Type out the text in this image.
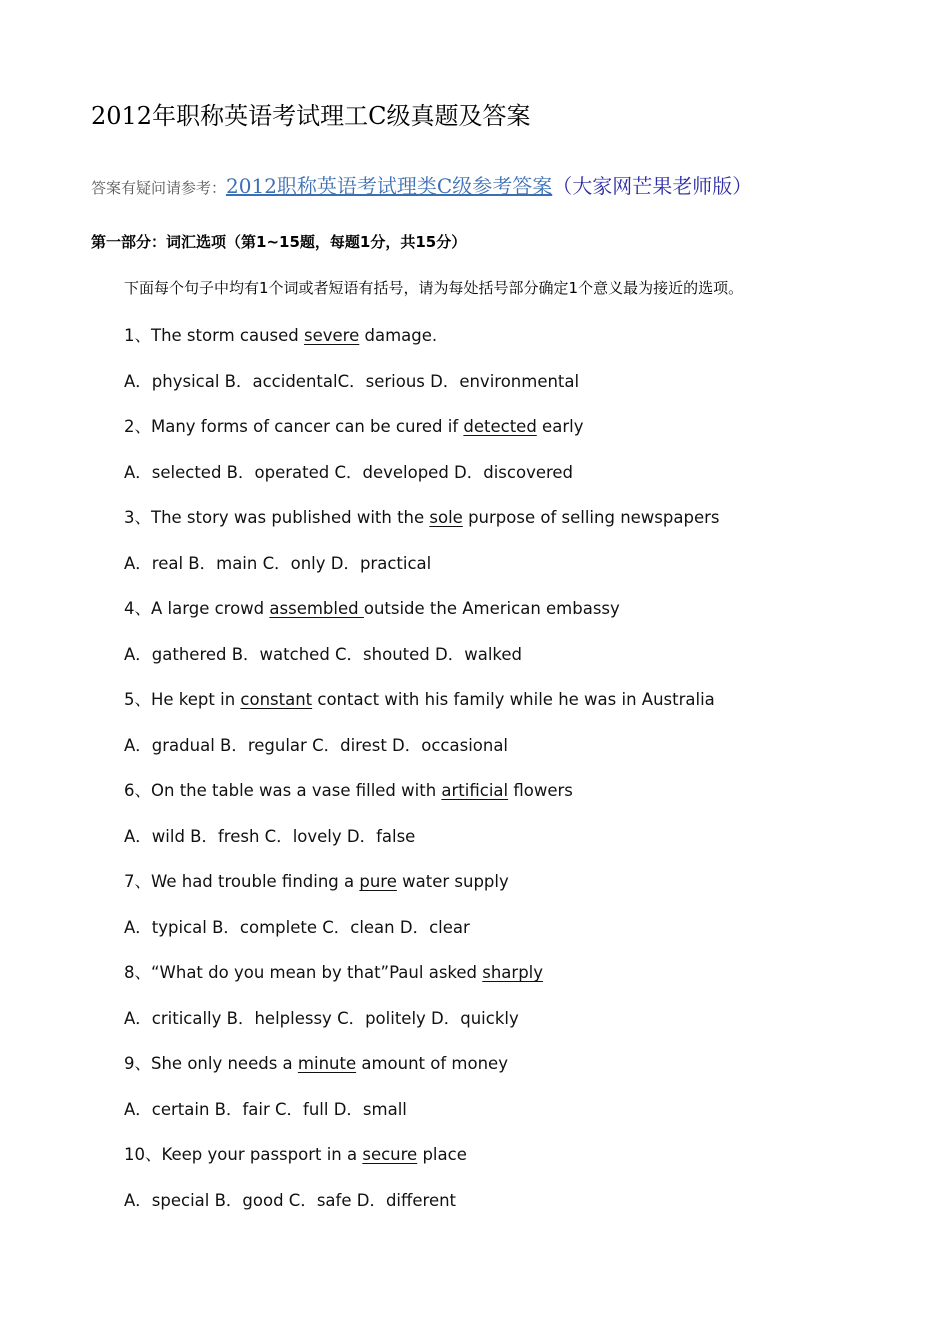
2012年职称英语考试理工C级真题及答案
答案有疑问请参考：2012职称英语考试理类C级参考答案（大家网芒果老师版）
第一部分：词汇选项（第1~15题，每题1分，共15分）
下面每个句子中均有1个词或者短语有括号，请为每处括号部分确定1个意义最为接近的选项。
1、The storm caused severe damage.
A．physical B．accidentalC．serious D．environmental
2、Many forms of cancer can be cured if detected early
A．selected B．operated C．developed D．discovered
3、The story was published with the sole purpose of selling newspapers
A．real B．main C．only D．practical
4、A large crowd assembled outside the American embassy
A．gathered B．watched C．shouted D．walked
5、He kept in constant contact with his family while he was in Australia
A．gradual B．regular C．direst D．occasional
6、On the table was a vase filled with artificial flowers
A．wild B．fresh C．lovely D．false
7、We had trouble finding a pure water supply
A．typical B．complete C．clean D．clear
8、“What do you mean by that”Paul asked sharply
A．critically B．helplessy C．politely D．quickly
9、She only needs a minute amount of money
A．certain B．fair C．full D．small
10、Keep your passport in a secure place
A．special B．good C．safe D．different
